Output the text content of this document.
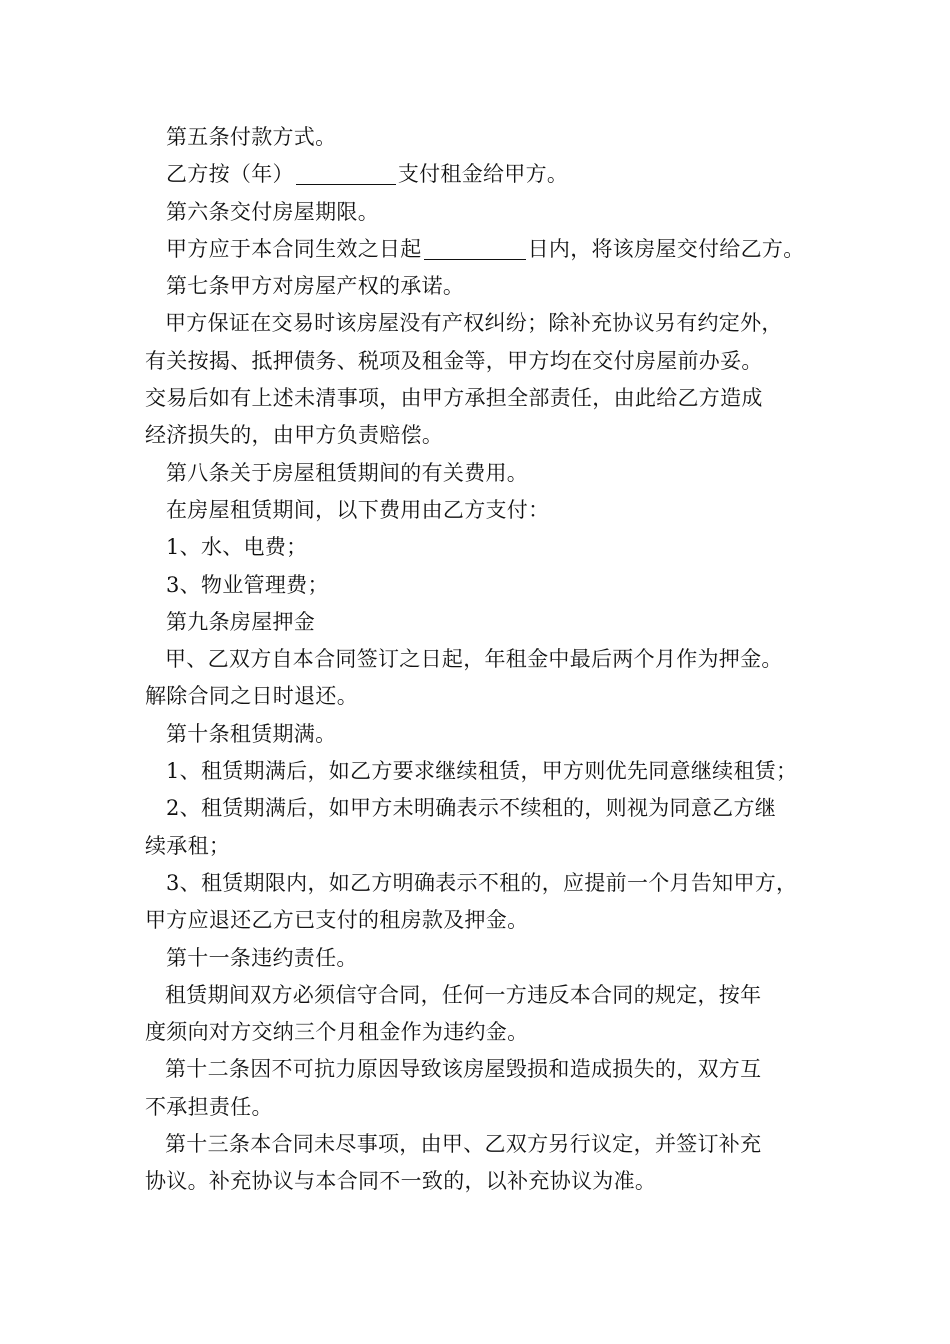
第五条付款方式。
乙方按（年）	支付租金给甲方。
第六条交付房屋期限。
甲方应于本合同生效之日起	日内，将该房屋交付给乙方。
第七条甲方对房屋产权的承诺。
甲方保证在交易时该房屋没有产权纠纷；除补充协议另有约定外，
有关按揭、抵押债务、税项及租金等，甲方均在交付房屋前办妥。
交易后如有上述未清事项，由甲方承担全部责任，由此给乙方造成
经济损失的，由甲方负责赔偿。
第八条关于房屋租赁期间的有关费用。
在房屋租赁期间，以下费用由乙方支付：
1、水、电费；
3、物业管理费；
第九条房屋押金
甲、乙双方自本合同签订之日起，年租金中最后两个月作为押金。
解除合同之日时退还。
第十条租赁期满。
1、租赁期满后，如乙方要求继续租赁，甲方则优先同意继续租赁；
2、租赁期满后，如甲方未明确表示不续租的，则视为同意乙方继
续承租；
3、租赁期限内，如乙方明确表示不租的，应提前一个月告知甲方，
甲方应退还乙方已支付的租房款及押金。
第十一条违约责任。
租赁期间双方必须信守合同，任何一方违反本合同的规定，按年
度须向对方交纳三个月租金作为违约金。
第十二条因不可抗力原因导致该房屋毁损和造成损失的，双方互
不承担责任。
第十三条本合同未尽事项，由甲、乙双方另行议定，并签订补充
协议。补充协议与本合同不一致的，以补充协议为准。
